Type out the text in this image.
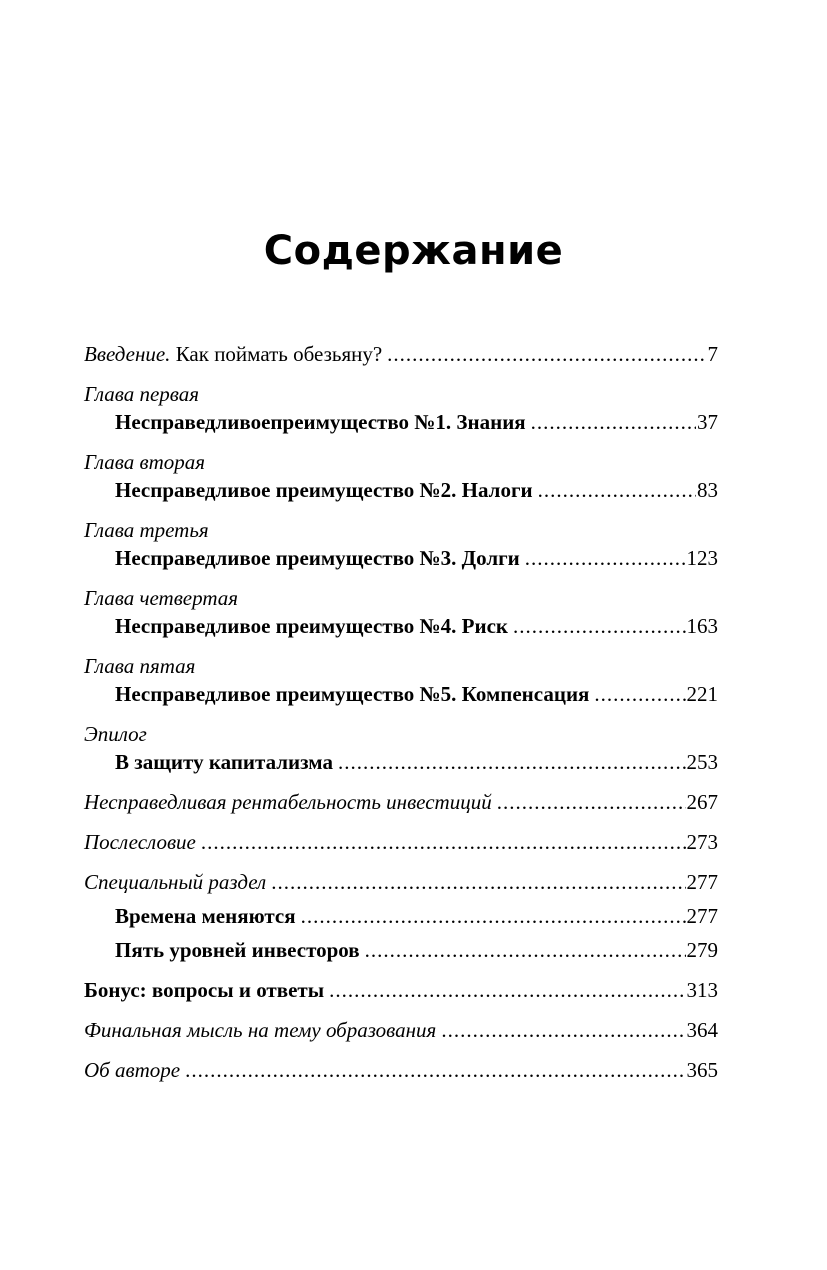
Содержание
Введение. Как поймать обезьяну? .....	7
Глава первая
Несправедливоепреимущество №1. Знания .....	37
Глава вторая
Несправедливое преимущество №2. Налоги .....	83
Глава третья
Несправедливое преимущество №3. Долги .....	123
Глава четвертая
Несправедливое преимущество №4. Риск .....	163
Глава пятая
Несправедливое преимущество №5. Компенсация .....	221
Эпилог
В защиту капитализма .....	253
Несправедливая рентабельность инвестиций .....	267
Послесловие .....	273
Специальный раздел .....	277
Времена меняются .....	277
Пять уровней инвесторов .....	279
Бонус: вопросы и ответы .....	313
Финальная мысль на тему образования .....	364
Об авторе .....	365
